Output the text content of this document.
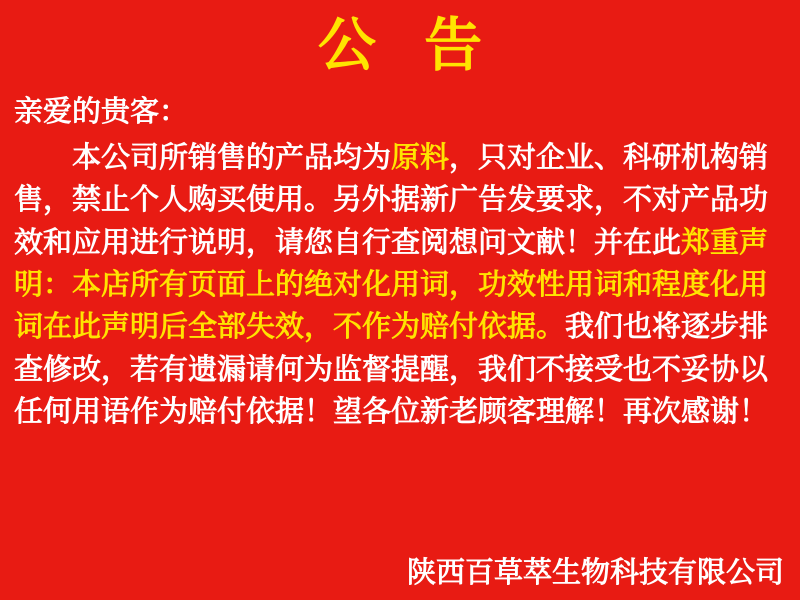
公 告
亲爱的贵客：
本公司所销售的产品均为原料，只对企业、科研机构销售，禁止个人购买使用。另外据新广告发要求，不对产品功效和应用进行说明，请您自行查阅想问文献！并在此郑重声明：本店所有页面上的绝对化用词，功效性用词和程度化用词在此声明后全部失效，不作为赔付依据。我们也将逐步排查修改，若有遗漏请何为监督提醒，我们不接受也不妥协以任何用语作为赔付依据！望各位新老顾客理解！再次感谢！
陕西百草萃生物科技有限公司
